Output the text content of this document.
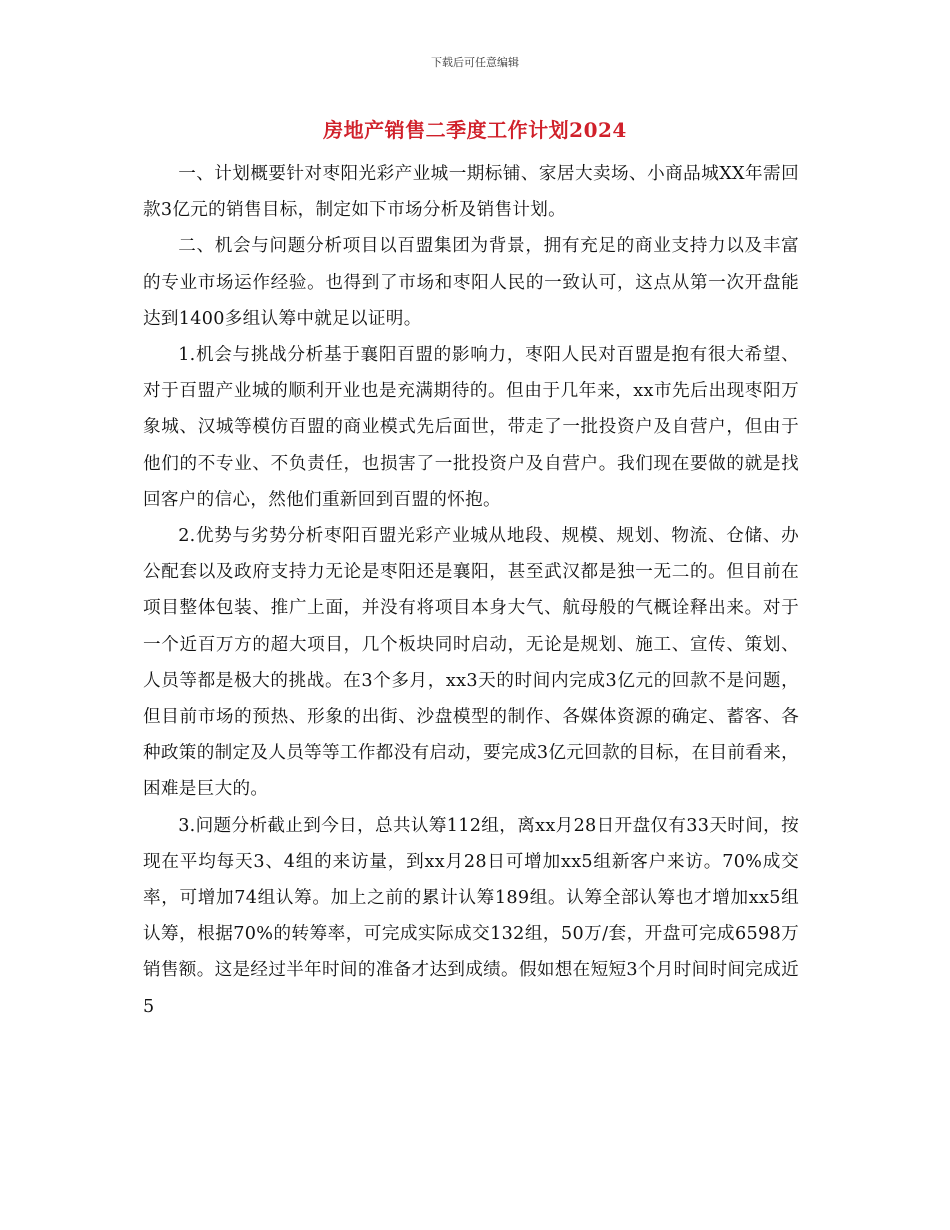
下载后可任意编辑
房地产销售二季度工作计划2024

一、计划概要针对枣阳光彩产业城一期标铺、家居大卖场、小商品城XX年需回款3亿元的销售目标，制定如下市场分析及销售计划。

二、机会与问题分析项目以百盟集团为背景，拥有充足的商业支持力以及丰富的专业市场运作经验。也得到了市场和枣阳人民的一致认可，这点从第一次开盘能达到1400多组认筹中就足以证明。

1.机会与挑战分析基于襄阳百盟的影响力，枣阳人民对百盟是抱有很大希望、对于百盟产业城的顺利开业也是充满期待的。但由于几年来，xx市先后出现枣阳万象城、汉城等模仿百盟的商业模式先后面世，带走了一批投资户及自营户，但由于他们的不专业、不负责任，也损害了一批投资户及自营户。我们现在要做的就是找回客户的信心，然他们重新回到百盟的怀抱。

2.优势与劣势分析枣阳百盟光彩产业城从地段、规模、规划、物流、仓储、办公配套以及政府支持力无论是枣阳还是襄阳，甚至武汉都是独一无二的。但目前在项目整体包装、推广上面，并没有将项目本身大气、航母般的气概诠释出来。对于一个近百万方的超大项目，几个板块同时启动，无论是规划、施工、宣传、策划、人员等都是极大的挑战。在3个多月，xx3天的时间内完成3亿元的回款不是问题，但目前市场的预热、形象的出街、沙盘模型的制作、各媒体资源的确定、蓄客、各种政策的制定及人员等等工作都没有启动，要完成3亿元回款的目标，在目前看来，困难是巨大的。

3.问题分析截止到今日，总共认筹112组，离xx月28日开盘仅有33天时间，按现在平均每天3、4组的来访量，到xx月28日可增加xx5组新客户来访。70%成交率，可增加74组认筹。加上之前的累计认筹189组。认筹全部认筹也才增加xx5组认筹，根据70%的转筹率，可完成实际成交132组，50万/套，开盘可完成6598万销售额。这是经过半年时间的准备才达到成绩。假如想在短短3个月时间时间完成近5
